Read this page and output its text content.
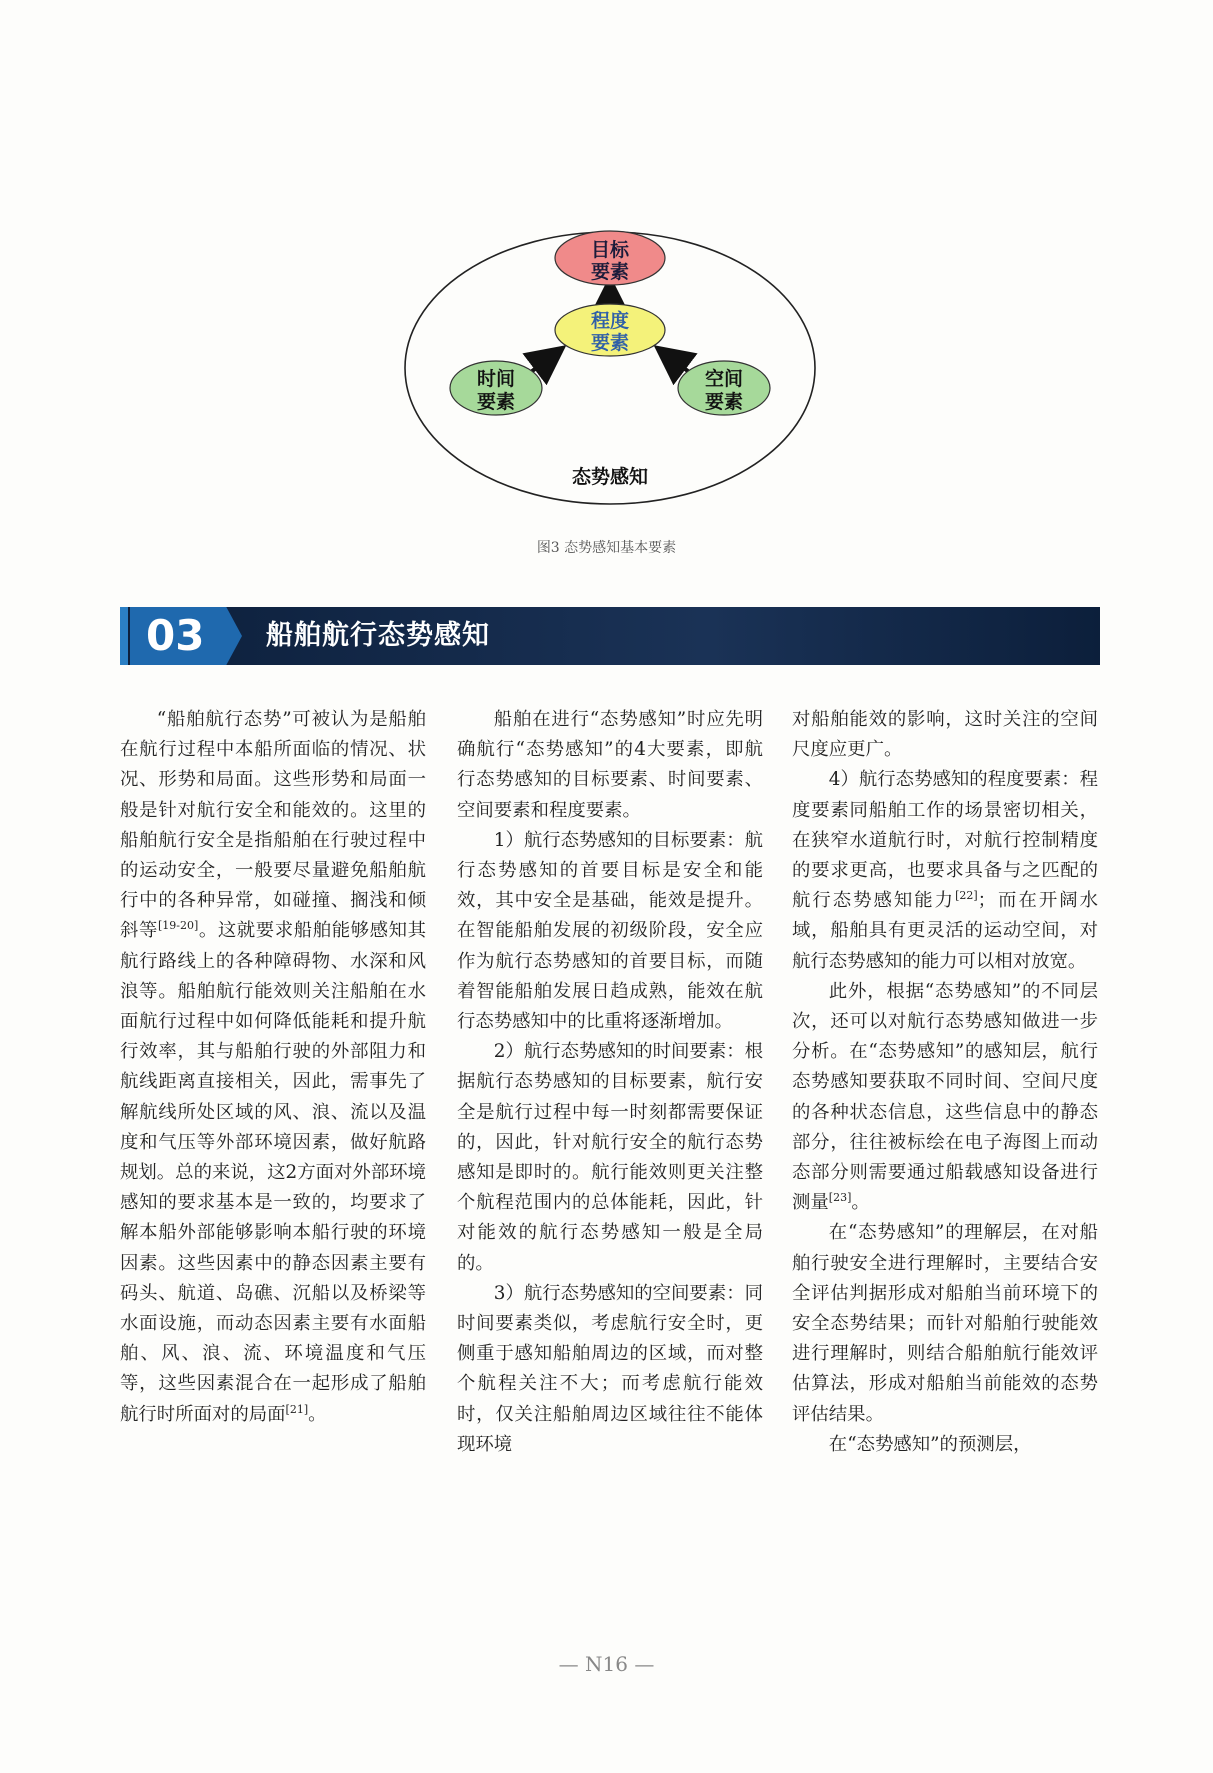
目标
要素
程度
要素
时间
要素
空间
要素
态势感知
图3 态势感知基本要素
03 船舶航行态势感知

“船舶航行态势”可被认为是船舶在航行过程中本船所面临的情况、状况、形势和局面。这些形势和局面一般是针对航行安全和能效的。这里的船舶航行安全是指船舶在行驶过程中的运动安全，一般要尽量避免船舶航行中的各种异常，如碰撞、搁浅和倾斜等[19-20]。这就要求船舶能够感知其航行路线上的各种障碍物、水深和风浪等。船舶航行能效则关注船舶在水面航行过程中如何降低能耗和提升航行效率，其与船舶行驶的外部阻力和航线距离直接相关，因此，需事先了解航线所处区域的风、浪、流以及温度和气压等外部环境因素，做好航路规划。总的来说，这2方面对外部环境感知的要求基本是一致的，均要求了解本船外部能够影响本船行驶的环境因素。这些因素中的静态因素主要有码头、航道、岛礁、沉船以及桥梁等水面设施，而动态因素主要有水面船舶、风、浪、流、环境温度和气压等，这些因素混合在一起形成了船舶航行时所面对的局面[21]。

船舶在进行“态势感知”时应先明确航行“态势感知”的4大要素，即航行态势感知的目标要素、时间要素、空间要素和程度要素。

1）航行态势感知的目标要素：航行态势感知的首要目标是安全和能效，其中安全是基础，能效是提升。在智能船舶发展的初级阶段，安全应作为航行态势感知的首要目标，而随着智能船舶发展日趋成熟，能效在航行态势感知中的比重将逐渐增加。

2）航行态势感知的时间要素：根据航行态势感知的目标要素，航行安全是航行过程中每一时刻都需要保证的，因此，针对航行安全的航行态势感知是即时的。航行能效则更关注整个航程范围内的总体能耗，因此，针对能效的航行态势感知一般是全局的。

3）航行态势感知的空间要素：同时间要素类似，考虑航行安全时，更侧重于感知船舶周边的区域，而对整个航程关注不大；而考虑航行能效时，仅关注船舶周边区域往往不能体现环境

对船舶能效的影响，这时关注的空间尺度应更广。

4）航行态势感知的程度要素：程度要素同船舶工作的场景密切相关，在狭窄水道航行时，对航行控制精度的要求更高，也要求具备与之匹配的航行态势感知能力[22]；而在开阔水域，船舶具有更灵活的运动空间，对航行态势感知的能力可以相对放宽。

此外，根据“态势感知”的不同层次，还可以对航行态势感知做进一步分析。在“态势感知”的感知层，航行态势感知要获取不同时间、空间尺度的各种状态信息，这些信息中的静态部分，往往被标绘在电子海图上而动态部分则需要通过船载感知设备进行测量[23]。

在“态势感知”的理解层，在对船舶行驶安全进行理解时，主要结合安全评估判据形成对船舶当前环境下的安全态势结果；而针对船舶行驶能效进行理解时，则结合船舶航行能效评估算法，形成对船舶当前能效的态势评估结果。

在“态势感知”的预测层，

— N16 —
